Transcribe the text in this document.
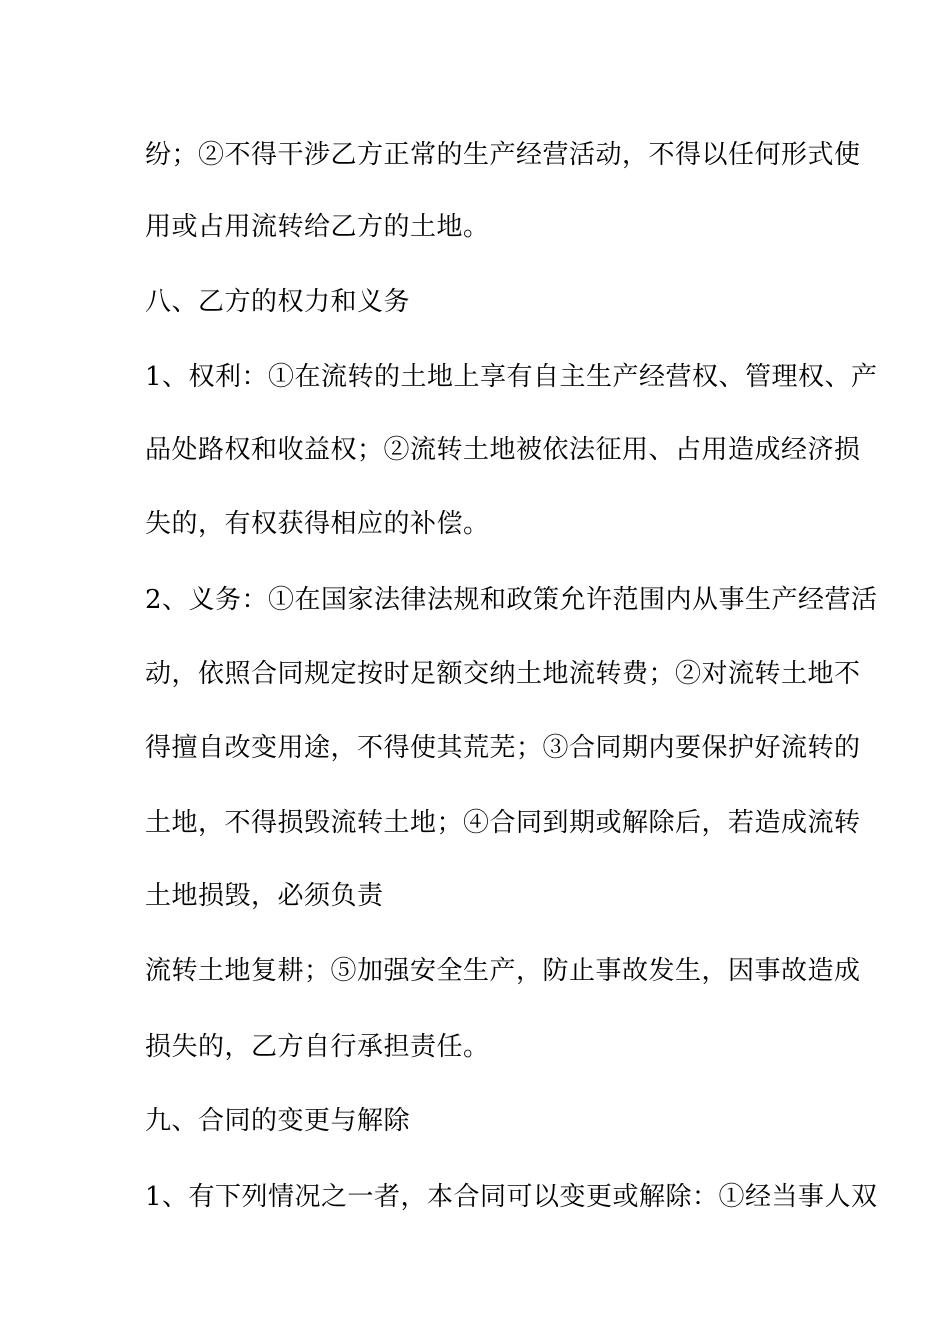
纷；②不得干涉乙方正常的生产经营活动，不得以任何形式使
用或占用流转给乙方的土地。
八、乙方的权力和义务
1、权利：①在流转的土地上享有自主生产经营权、管理权、产
品处路权和收益权；②流转土地被依法征用、占用造成经济损
失的，有权获得相应的补偿。
2、义务：①在国家法律法规和政策允许范围内从事生产经营活
动，依照合同规定按时足额交纳土地流转费；②对流转土地不
得擅自改变用途，不得使其荒芜；③合同期内要保护好流转的
土地，不得损毁流转土地；④合同到期或解除后，若造成流转
土地损毁，必须负责
流转土地复耕；⑤加强安全生产，防止事故发生，因事故造成
损失的，乙方自行承担责任。
九、合同的变更与解除
1、有下列情况之一者，本合同可以变更或解除：①经当事人双
